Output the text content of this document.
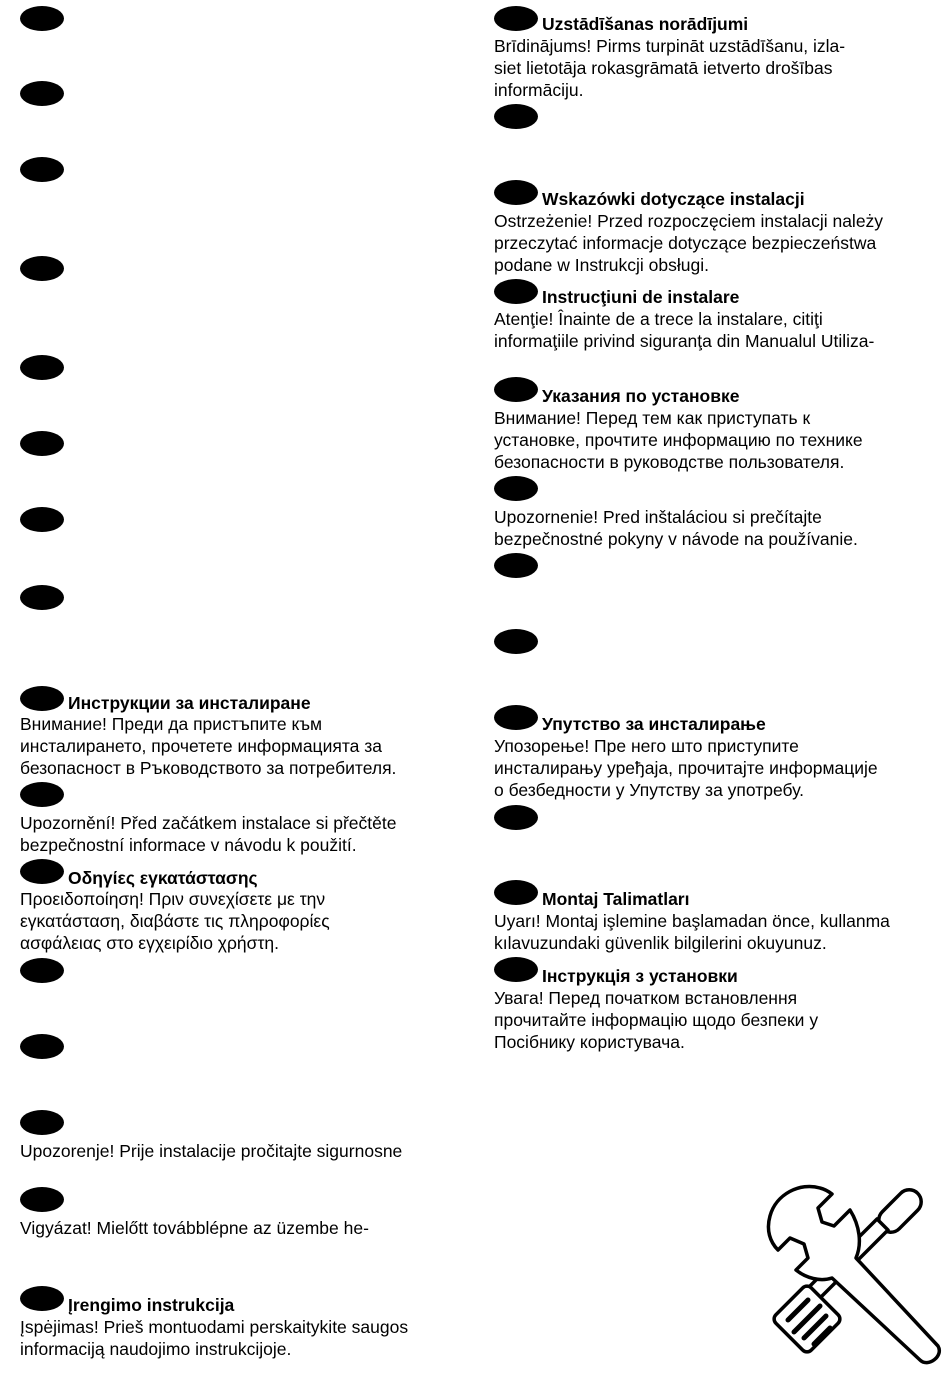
Инструкции за инсталиране

Внимание! Преди да пристъпите към
инсталирането, прочетете информацията за
безопасност в Ръководството за потребителя.

Upozornění! Před začátkem instalace si přečtěte
bezpečnostní informace v návodu k použití.

Οδηγίες εγκατάστασης

Προειδοποίηση! Πριν συνεχίσετε με την
εγκατάσταση, διαβάστε τις πληροφορίες
ασφάλειας στο εγχειρίδιο χρήστη.

Upozorenje! Prije instalacije pročitajte sigurnosne

Vigyázat! Mielőtt továbblépne az üzembe he-

Įrengimo instrukcija

Įspėjimas! Prieš montuodami perskaitykite saugos
informaciją naudojimo instrukcijoje.

Uzstādīšanas norādījumi

Brīdinājums! Pirms turpināt uzstādīšanu, izla-
siet lietotāja rokasgrāmatā ietverto drošības
informāciju.

Wskazówki dotyczące instalacji

Ostrzeżenie! Przed rozpoczęciem instalacji należy
przeczytać informacje dotyczące bezpieczeństwa
podane w Instrukcji obsługi.

Instrucţiuni de instalare

Atenţie! Înainte de a trece la instalare, citiţi
informaţiile privind siguranţa din Manualul Utiliza-

Указания по установке

Внимание! Перед тем как приступать к
установке, прочтите информацию по технике
безопасности в руководстве пользователя.

Upozornenie! Pred inštaláciou si prečítajte
bezpečnostné pokyny v návode na používanie.

Упутство за инсталирање

Упозорење! Пре него што приступите
инсталирању уређаја, прочитајте информације
о безбедности у Упутству за употребу.

Montaj Talimatları

Uyarı! Montaj işlemine başlamadan önce, kullanma
kılavuzundaki güvenlik bilgilerini okuyunuz.

Інструкція з установки

Увага! Перед початком встановлення
прочитайте інформацію щодо безпеки у
Посібнику користувача.
